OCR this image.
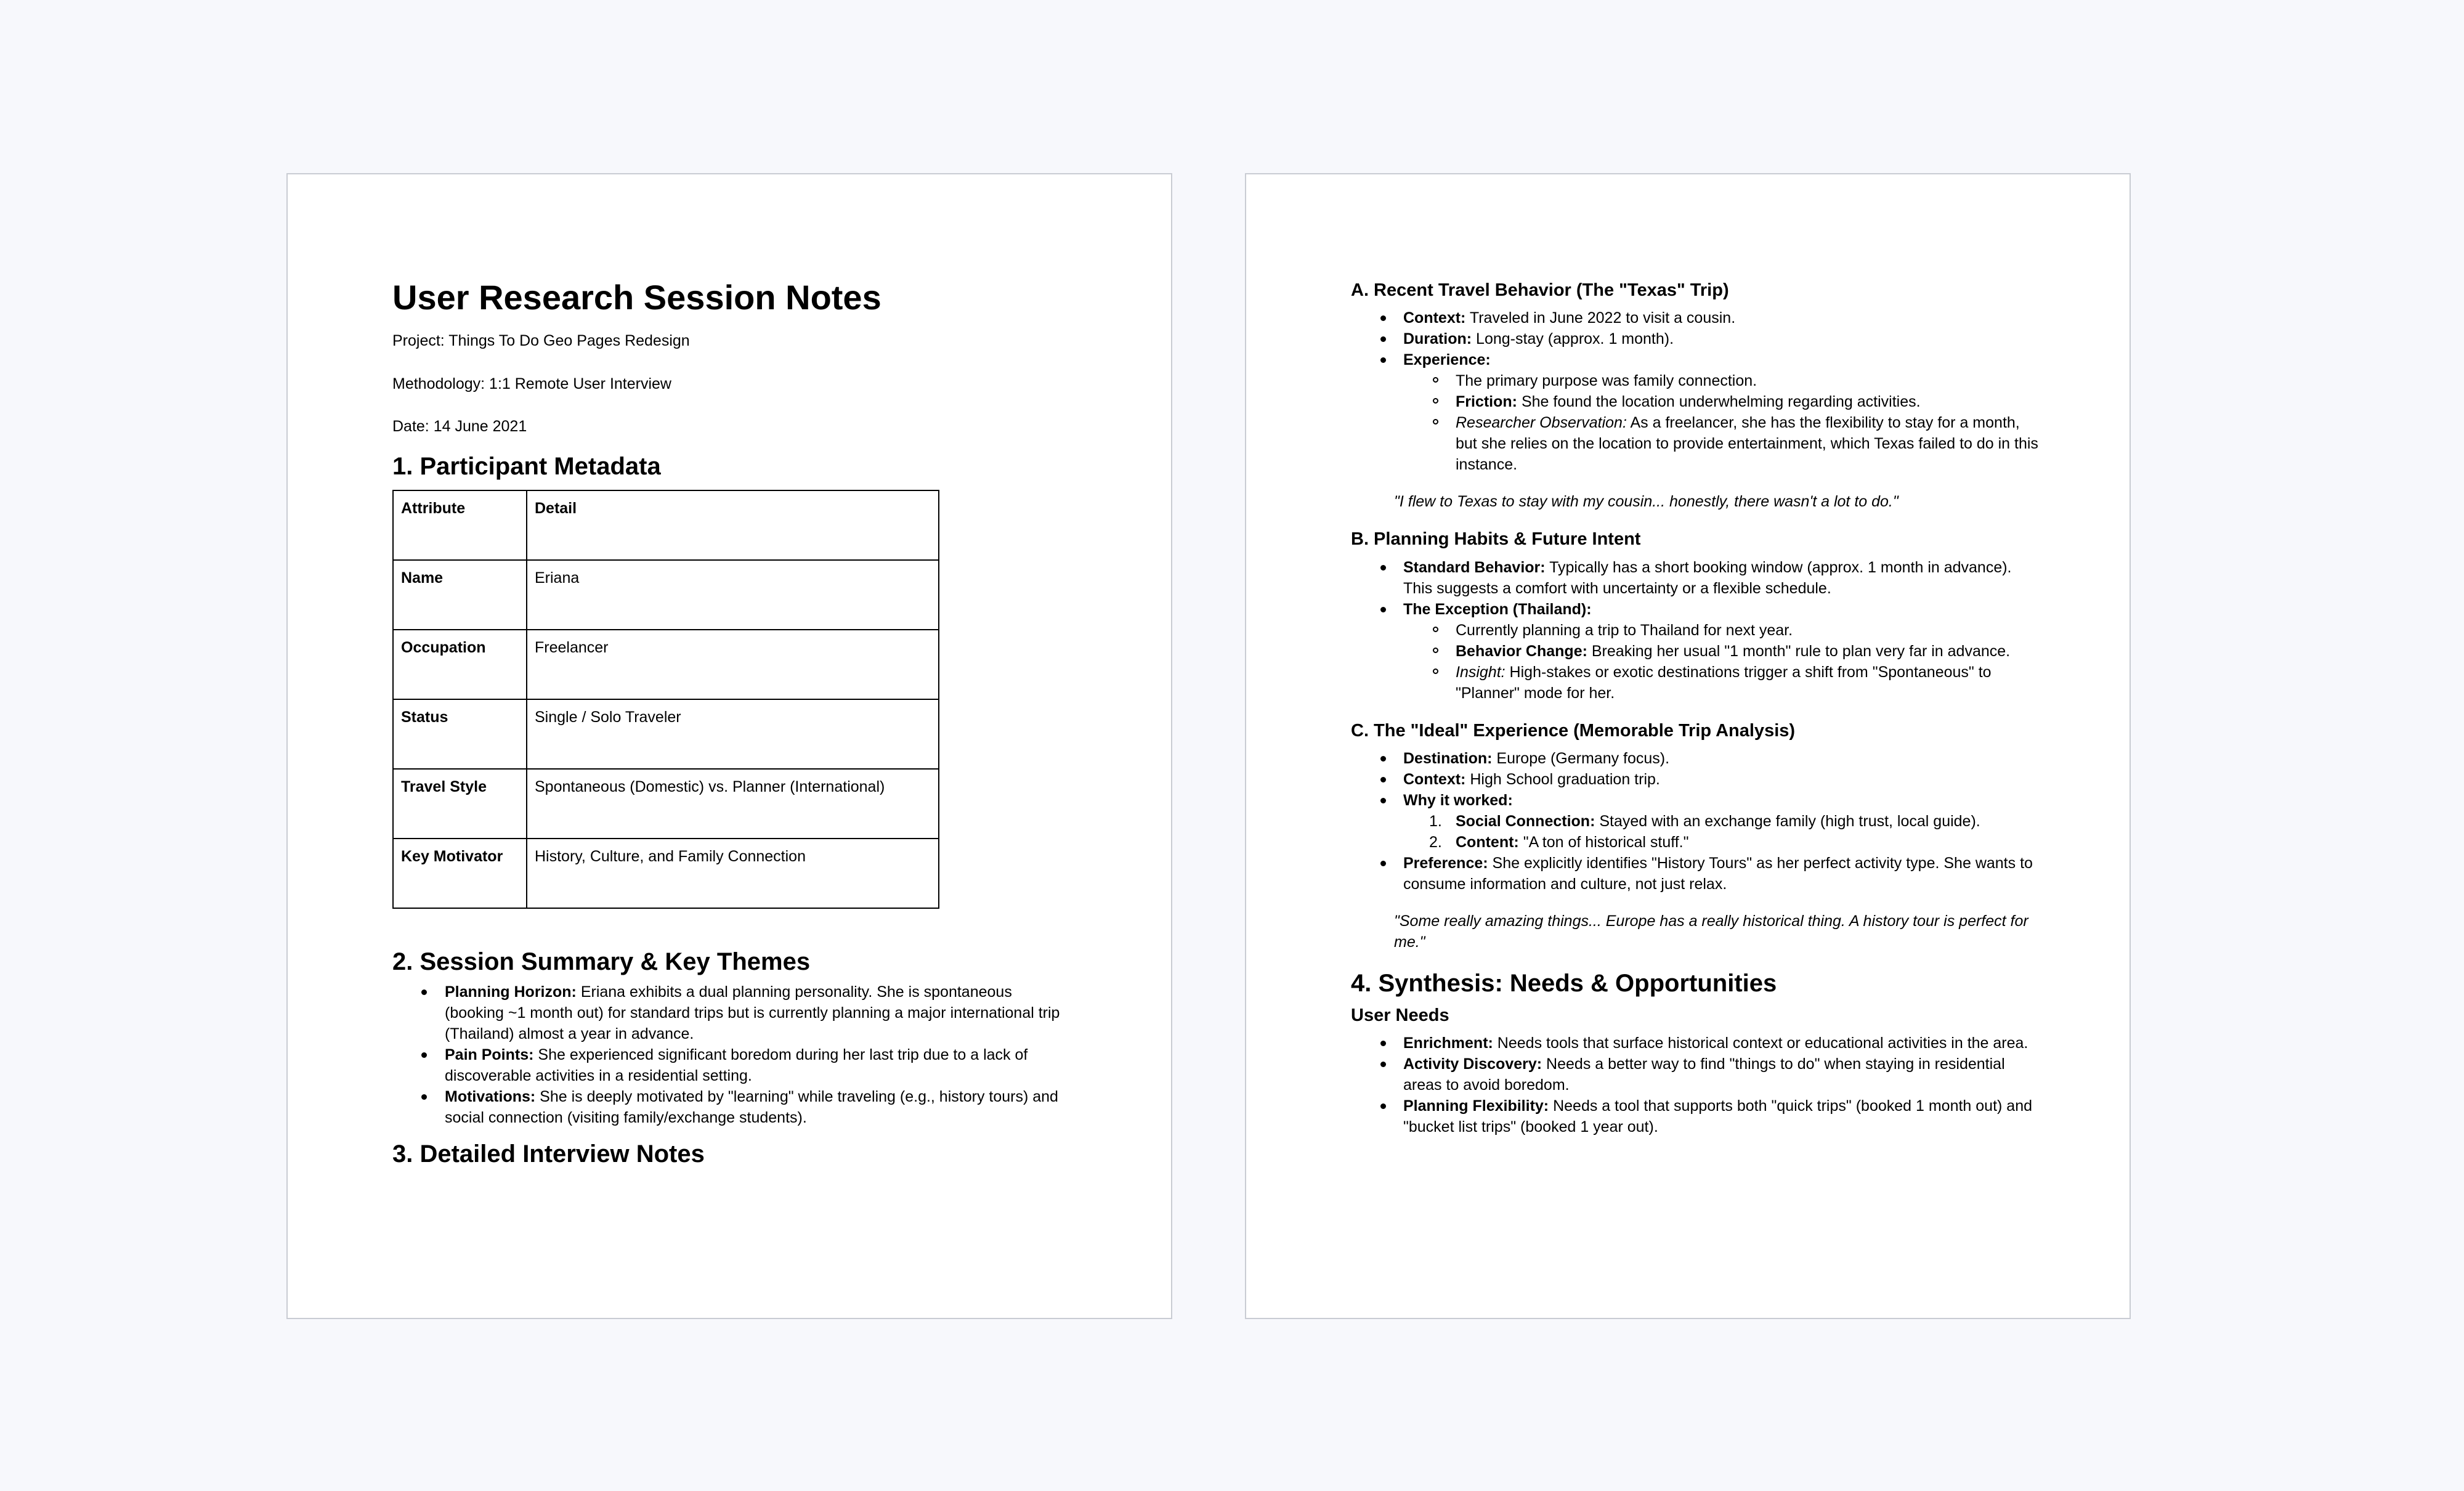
User Research Session Notes

Project: Things To Do Geo Pages Redesign

Methodology: 1:1 Remote User Interview

Date: 14 June 2021

1. Participant Metadata
Attribute	Detail
Name	Eriana
Occupation	Freelancer
Status	Single / Solo Traveler
Travel Style	Spontaneous (Domestic) vs. Planner (International)
Key Motivator	History, Culture, and Family Connection
2. Session Summary & Key Themes
Planning Horizon: Eriana exhibits a dual planning personality. She is spontaneous (booking ~1 month out) for standard trips but is currently planning a major international trip (Thailand) almost a year in advance.
Pain Points: She experienced significant boredom during her last trip due to a lack of discoverable activities in a residential setting.
Motivations: She is deeply motivated by "learning" while traveling (e.g., history tours) and social connection (visiting family/exchange students).
3. Detailed Interview Notes
A. Recent Travel Behavior (The "Texas" Trip)
Context: Traveled in June 2022 to visit a cousin.
Duration: Long-stay (approx. 1 month).
Experience:
The primary purpose was family connection.
Friction: She found the location underwhelming regarding activities.
Researcher Observation: As a freelancer, she has the flexibility to stay for a month, but she relies on the location to provide entertainment, which Texas failed to do in this instance.

"I flew to Texas to stay with my cousin... honestly, there wasn't a lot to do."

B. Planning Habits & Future Intent
Standard Behavior: Typically has a short booking window (approx. 1 month in advance). This suggests a comfort with uncertainty or a flexible schedule.
The Exception (Thailand):
Currently planning a trip to Thailand for next year.
Behavior Change: Breaking her usual "1 month" rule to plan very far in advance.
Insight: High-stakes or exotic destinations trigger a shift from "Spontaneous" to "Planner" mode for her.
C. The "Ideal" Experience (Memorable Trip Analysis)
Destination: Europe (Germany focus).
Context: High School graduation trip.
Why it worked:
1. Social Connection: Stayed with an exchange family (high trust, local guide).
2. Content: "A ton of historical stuff."
Preference: She explicitly identifies "History Tours" as her perfect activity type. She wants to consume information and culture, not just relax.

"Some really amazing things... Europe has a really historical thing. A history tour is perfect for me."

4. Synthesis: Needs & Opportunities
User Needs
Enrichment: Needs tools that surface historical context or educational activities in the area.
Activity Discovery: Needs a better way to find "things to do" when staying in residential areas to avoid boredom.
Planning Flexibility: Needs a tool that supports both "quick trips" (booked 1 month out) and "bucket list trips" (booked 1 year out).
